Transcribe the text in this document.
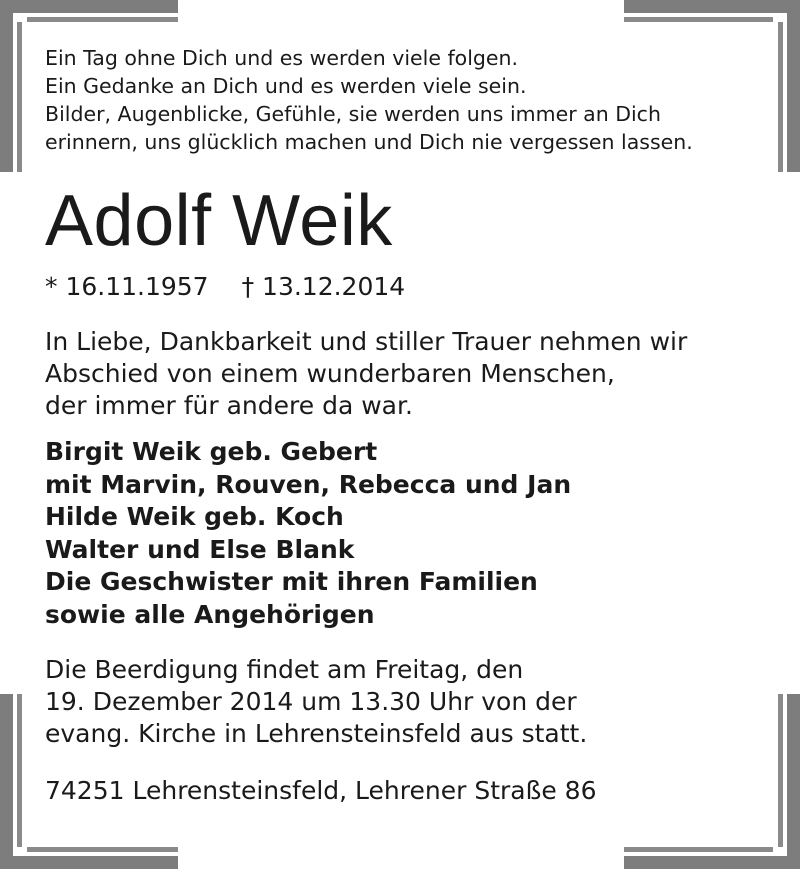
Ein Tag ohne Dich und es werden viele folgen.
Ein Gedanke an Dich und es werden viele sein.
Bilder, Augenblicke, Gefühle, sie werden uns immer an Dich
erinnern, uns glücklich machen und Dich nie vergessen lassen.
Adolf Weik
* 16.11.1957 † 13.12.2014
In Liebe, Dankbarkeit und stiller Trauer nehmen wir
Abschied von einem wunderbaren Menschen,
der immer für andere da war.
Birgit Weik geb. Gebert
mit Marvin, Rouven, Rebecca und Jan
Hilde Weik geb. Koch
Walter und Else Blank
Die Geschwister mit ihren Familien
sowie alle Angehörigen
Die Beerdigung findet am Freitag, den
19. Dezember 2014 um 13.30 Uhr von der
evang. Kirche in Lehrensteinsfeld aus statt.
74251 Lehrensteinsfeld, Lehrener Straße 86
